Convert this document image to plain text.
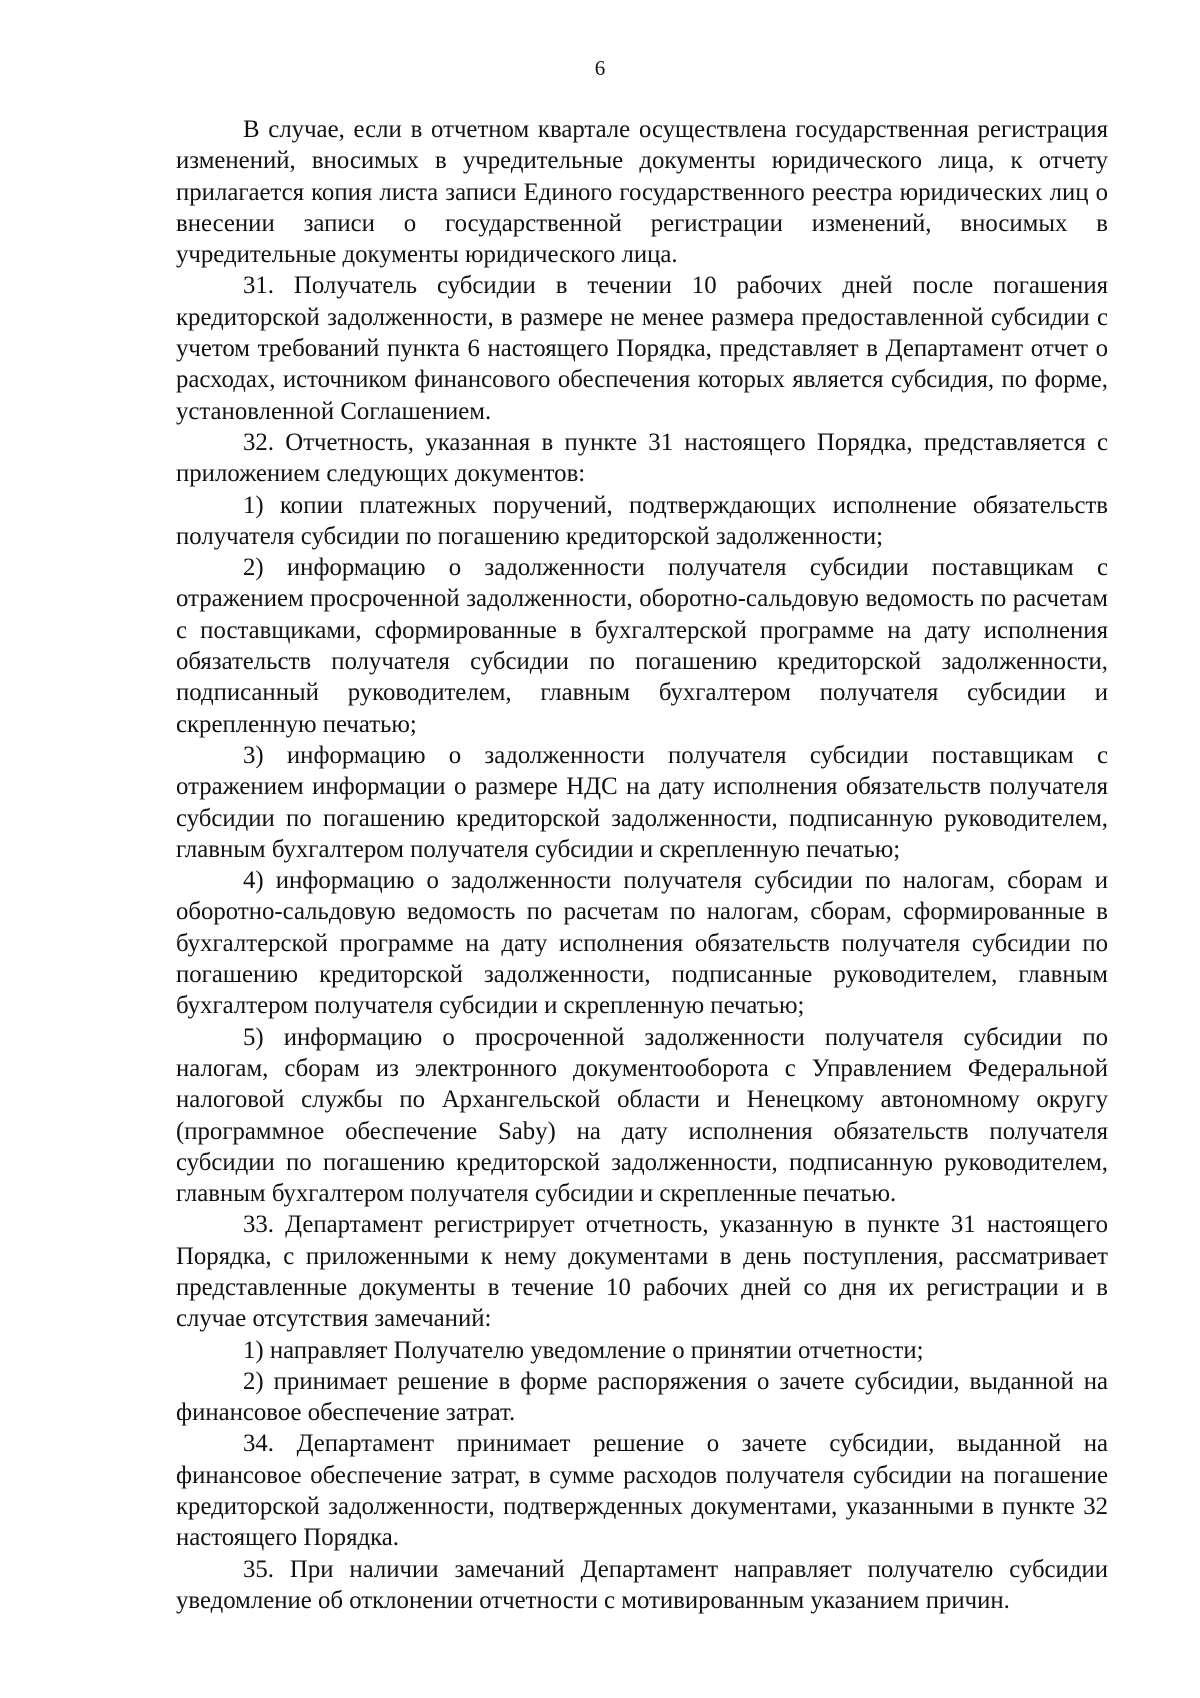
6

В случае, если в отчетном квартале осуществлена государственная регистрация изменений, вносимых в учредительные документы юридического лица, к отчету прилагается копия листа записи Единого государственного реестра юридических лиц о внесении записи о государственной регистрации изменений, вносимых в учредительные документы юридического лица.

31. Получатель субсидии в течении 10 рабочих дней после погашения кредиторской задолженности, в размере не менее размера предоставленной субсидии с учетом требований пункта 6 настоящего Порядка, представляет в Департамент отчет о расходах, источником финансового обеспечения которых является субсидия, по форме, установленной Соглашением.

32. Отчетность, указанная в пункте 31 настоящего Порядка, представляется с приложением следующих документов:

1) копии платежных поручений, подтверждающих исполнение обязательств получателя субсидии по погашению кредиторской задолженности;

2) информацию о задолженности получателя субсидии поставщикам с отражением просроченной задолженности, оборотно-сальдовую ведомость по расчетам с поставщиками, сформированные в бухгалтерской программе на дату исполнения обязательств получателя субсидии по погашению кредиторской задолженности, подписанный руководителем, главным бухгалтером получателя субсидии и скрепленную печатью;

3) информацию о задолженности получателя субсидии поставщикам с отражением информации о размере НДС на дату исполнения обязательств получателя субсидии по погашению кредиторской задолженности, подписанную руководителем, главным бухгалтером получателя субсидии и скрепленную печатью;

4) информацию о задолженности получателя субсидии по налогам, сборам и оборотно-сальдовую ведомость по расчетам по налогам, сборам, сформированные в бухгалтерской программе на дату исполнения обязательств получателя субсидии по погашению кредиторской задолженности, подписанные руководителем, главным бухгалтером получателя субсидии и скрепленную печатью;

5) информацию о просроченной задолженности получателя субсидии по налогам, сборам из электронного документооборота с Управлением Федеральной налоговой службы по Архангельской области и Ненецкому автономному округу (программное обеспечение Saby) на дату исполнения обязательств получателя субсидии по погашению кредиторской задолженности, подписанную руководителем, главным бухгалтером получателя субсидии и скрепленные печатью.

33. Департамент регистрирует отчетность, указанную в пункте 31 настоящего Порядка, с приложенными к нему документами в день поступления, рассматривает представленные документы в течение 10 рабочих дней со дня их регистрации и в случае отсутствия замечаний:

1) направляет Получателю уведомление о принятии отчетности;

2) принимает решение в форме распоряжения о зачете субсидии, выданной на финансовое обеспечение затрат.

34. Департамент принимает решение о зачете субсидии, выданной на финансовое обеспечение затрат, в сумме расходов получателя субсидии на погашение кредиторской задолженности, подтвержденных документами, указанными в пункте 32 настоящего Порядка.

35. При наличии замечаний Департамент направляет получателю субсидии уведомление об отклонении отчетности с мотивированным указанием причин.
